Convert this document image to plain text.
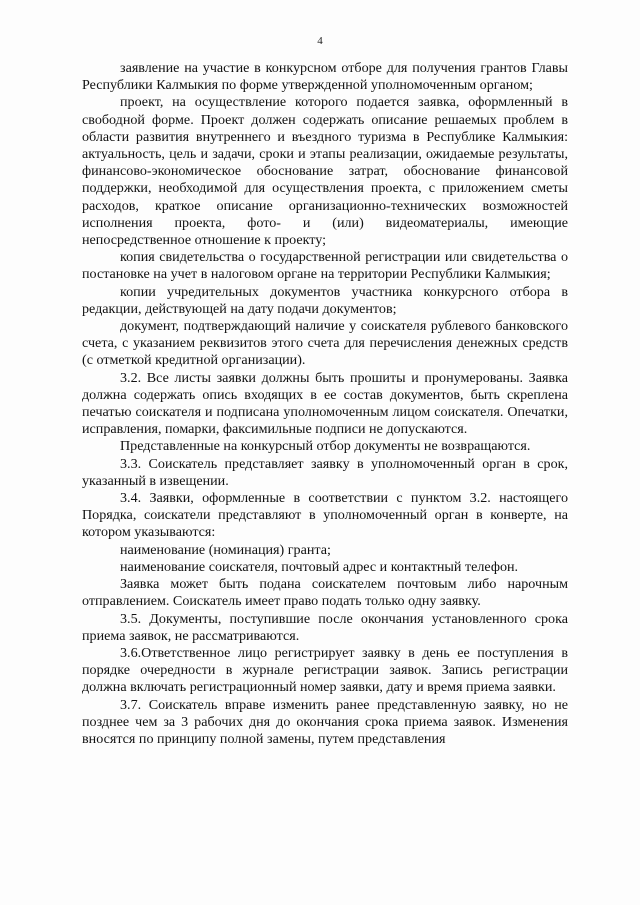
4

заявление на участие в конкурсном отборе для получения грантов Главы Республики Калмыкия по форме утвержденной уполномоченным органом;

проект, на осуществление которого подается заявка, оформленный в свободной форме. Проект должен содержать описание решаемых проблем в области развития внутреннего и въездного туризма в Республике Калмыкия: актуальность, цель и задачи, сроки и этапы реализации, ожидаемые результаты, финансово-экономическое обоснование затрат, обоснование финансовой поддержки, необходимой для осуществления проекта, с приложением сметы расходов, краткое описание организационно-технических возможностей исполнения проекта, фото- и (или) видеоматериалы, имеющие непосредственное отношение к проекту;

копия свидетельства о государственной регистрации или свидетельства о постановке на учет в налоговом органе на территории Республики Калмыкия;

копии учредительных документов участника конкурсного отбора в редакции, действующей на дату подачи документов;

документ, подтверждающий наличие у соискателя рублевого банковского счета, с указанием реквизитов этого счета для перечисления денежных средств (с отметкой кредитной организации).

3.2. Все листы заявки должны быть прошиты и пронумерованы. Заявка должна содержать опись входящих в ее состав документов, быть скреплена печатью соискателя и подписана уполномоченным лицом соискателя. Опечатки, исправления, помарки, факсимильные подписи не допускаются.

Представленные на конкурсный отбор документы не возвращаются.

3.3. Соискатель представляет заявку в уполномоченный орган в срок, указанный в извещении.

3.4. Заявки, оформленные в соответствии с пунктом 3.2. настоящего Порядка, соискатели представляют в уполномоченный орган в конверте, на котором указываются:

наименование (номинация) гранта;

наименование соискателя, почтовый адрес и контактный телефон.

Заявка может быть подана соискателем почтовым либо нарочным отправлением. Соискатель имеет право подать только одну заявку.

3.5. Документы, поступившие после окончания установленного срока приема заявок, не рассматриваются.

3.6.Ответственное лицо регистрирует заявку в день ее поступления в порядке очередности в журнале регистрации заявок. Запись регистрации должна включать регистрационный номер заявки, дату и время приема заявки.

3.7. Соискатель вправе изменить ранее представленную заявку, но не позднее чем за 3 рабочих дня до окончания срока приема заявок. Изменения вносятся по принципу полной замены, путем представления
